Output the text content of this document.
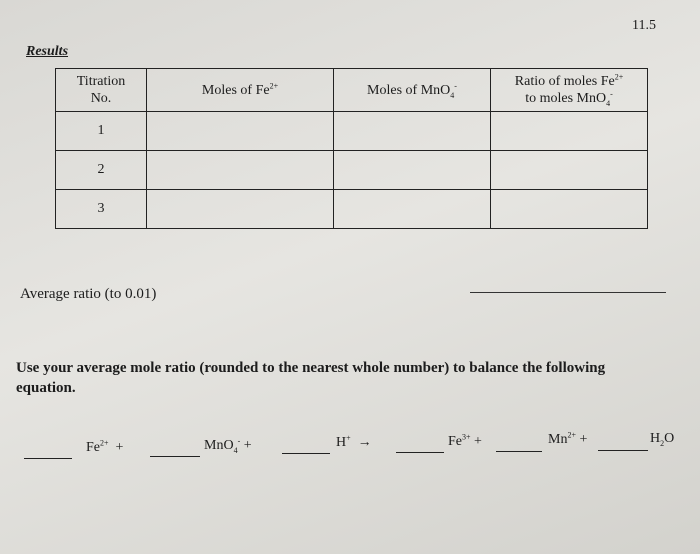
11.5
Results
Titration
No.	Moles of $Fe^{2+}$	Moles of MnO$_4$-	Ratio of moles $Fe^{2+}$
to moles MnO$_4$-
1			
2			
3			
Average ratio (to 0.01)
Use your average mole ratio (rounded to the nearest whole number) to balance the following equation.
$Fe^{2+}$ +	MnO$_4$- +	H+ →	$Fe^{3+}$ +	$Mn^{2+}$ +	$H_2O$
